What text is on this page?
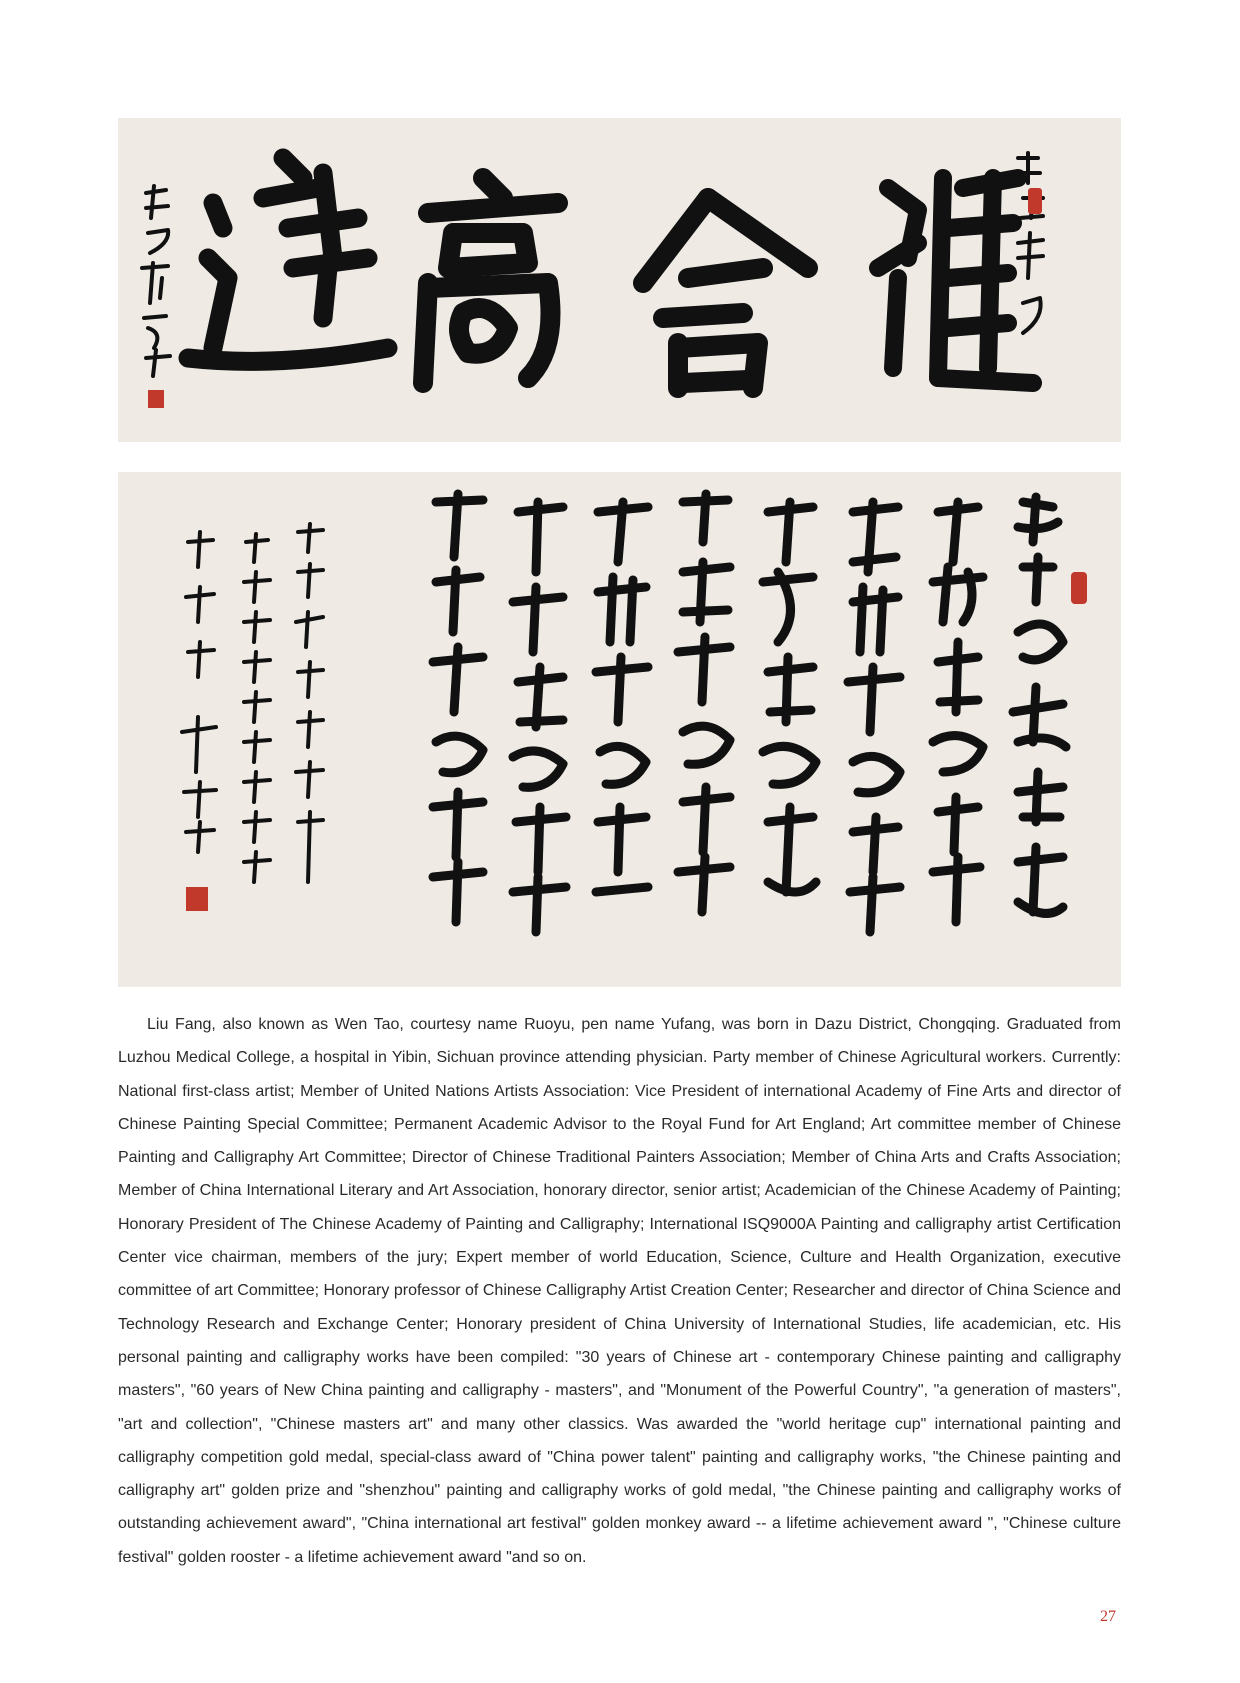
Liu Fang, also known as Wen Tao, courtesy name Ruoyu, pen name Yufang, was born in Dazu District, Chongqing. Graduated from Luzhou Medical College, a hospital in Yibin, Sichuan province attending physician. Party member of Chinese Agricultural workers. Currently: National first-class artist; Member of United Nations Artists Association: Vice President of international Academy of Fine Arts and director of Chinese Painting Special Committee; Permanent Academic Advisor to the Royal Fund for Art England; Art committee member of Chinese Painting and Calligraphy Art Committee; Director of Chinese Traditional Painters Association; Member of China Arts and Crafts Association; Member of China International Literary and Art Association, honorary director, senior artist; Academician of the Chinese Academy of Painting; Honorary President of The Chinese Academy of Painting and Calligraphy; International ISQ9000A Painting and calligraphy artist Certification Center vice chairman, members of the jury; Expert member of world Education, Science, Culture and Health Organization, executive committee of art Committee; Honorary professor of Chinese Calligraphy Artist Creation Center; Researcher and director of China Science and Technology Research and Exchange Center; Honorary president of China University of International Studies, life academician, etc. His personal painting and calligraphy works have been compiled: "30 years of Chinese art - contemporary Chinese painting and calligraphy masters", "60 years of New China painting and calligraphy - masters", and "Monument of the Powerful Country", "a generation of masters", "art and collection", "Chinese masters art" and many other classics. Was awarded the "world heritage cup" international painting and calligraphy competition gold medal, special-class award of "China power talent" painting and calligraphy works, "the Chinese painting and calligraphy art" golden prize and "shenzhou" painting and calligraphy works of gold medal, "the Chinese painting and calligraphy works of outstanding achievement award", "China international art festival" golden monkey award -- a lifetime achievement award ", "Chinese culture festival" golden rooster - a lifetime achievement award "and so on.

27
